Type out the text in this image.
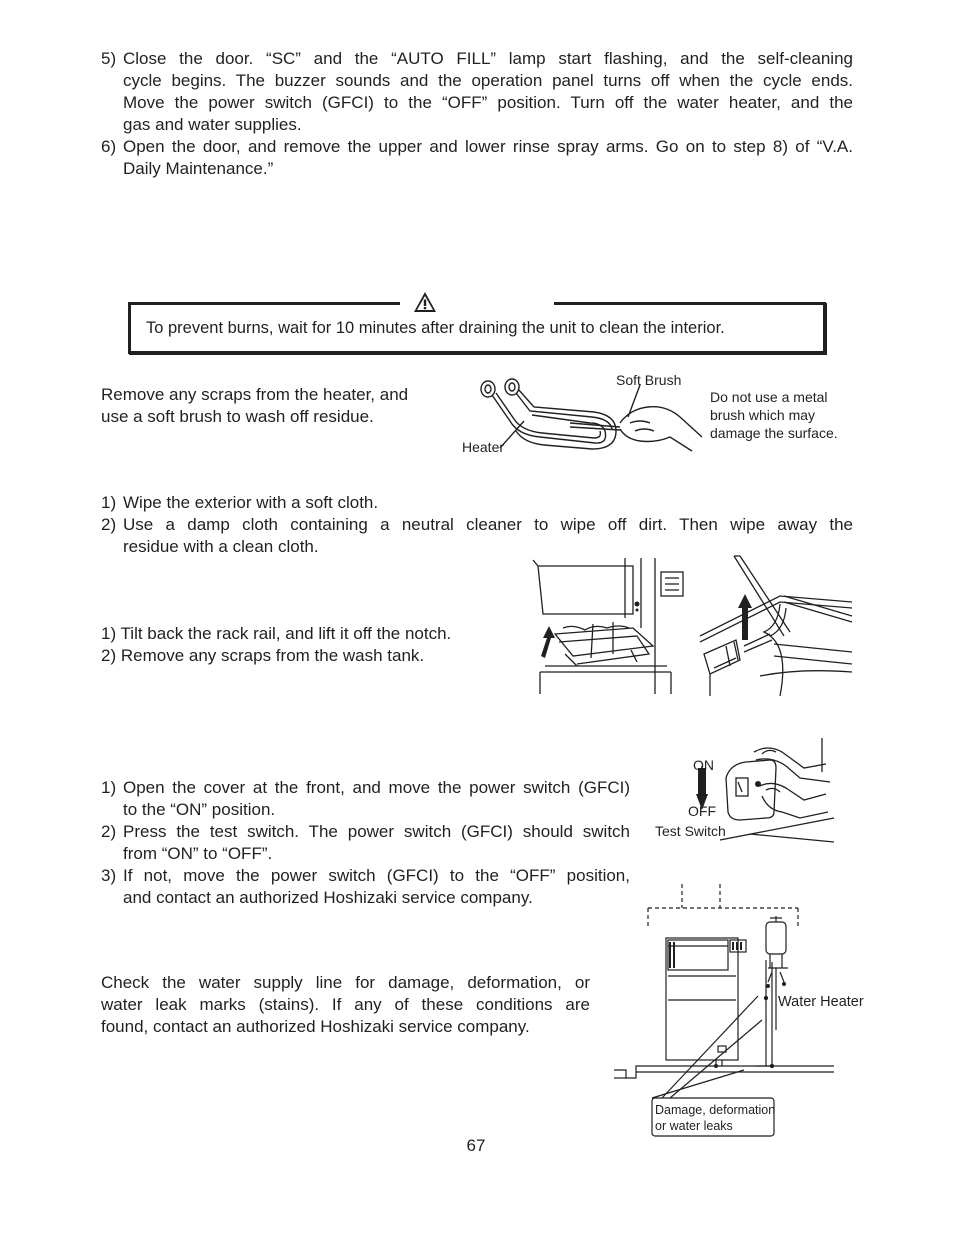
5) Close the door. “SC” and the “AUTO FILL” lamp start flashing, and the self-cleaning
cycle begins. The buzzer sounds and the operation panel turns off when the cycle ends.
Move the power switch (GFCI) to the “OFF” position. Turn off the water heater, and the
gas and water supplies.
6) Open the door, and remove the upper and lower rinse spray arms. Go on to step 8) of “V.A.
Daily Maintenance.”
To prevent burns, wait for 10 minutes after draining the unit to clean the interior.
Remove any scraps from the heater, and
use a soft brush to wash off residue.
Soft Brush
Heater
Do not use a metal
brush which may
damage the surface.
1) Wipe the exterior with a soft cloth.
2) Use a damp cloth containing a neutral cleaner to wipe off dirt. Then wipe away the
residue with a clean cloth.
1) Tilt back the rack rail, and lift it off the notch.
2) Remove any scraps from the wash tank.
1) Open the cover at the front, and move the power switch (GFCI)
to the “ON” position.
2) Press the test switch. The power switch (GFCI) should switch
from “ON” to “OFF”.
3) If not, move the power switch (GFCI) to the “OFF” position,
and contact an authorized Hoshizaki service company.
ON
OFF
Test Switch
Check the water supply line for damage, deformation, or
water leak marks (stains). If any of these conditions are
found, contact an authorized Hoshizaki service company.
Water Heater
Damage, deformation
or water leaks
67
